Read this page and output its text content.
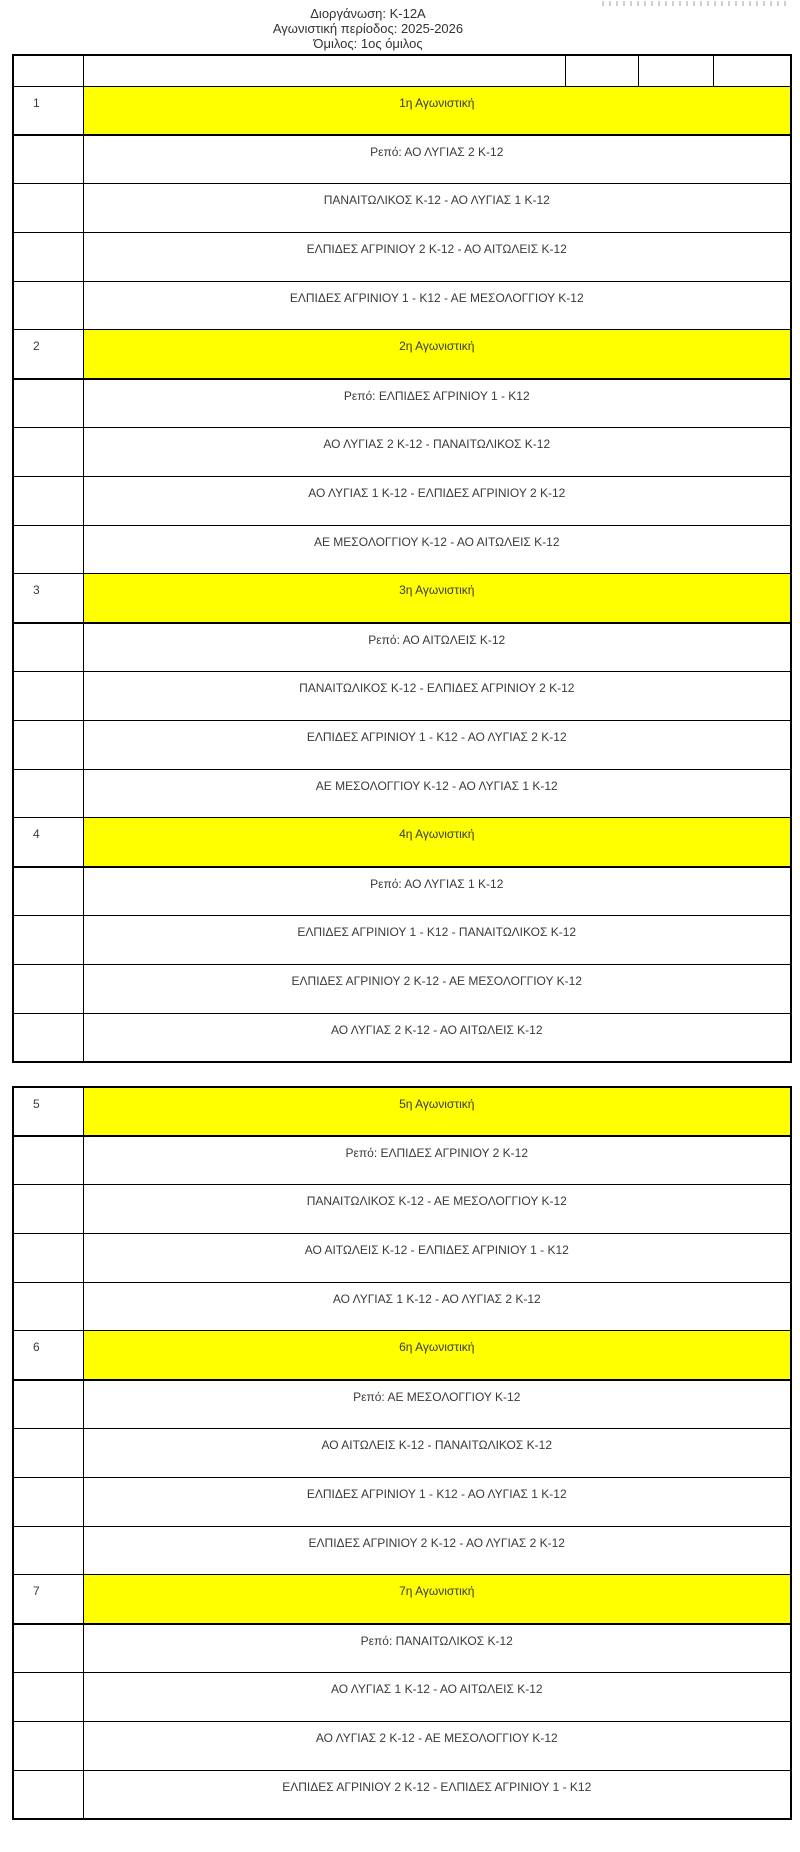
Διοργάνωση: Κ-12Α
Αγωνιστική περίοδος: 2025-2026
Όμιλος: 1ος όμιλος

1	1η Αγωνιστική			
	Ρεπό: ΑΟ ΛΥΓΙΑΣ 2 Κ-12			
	ΠΑΝΑΙΤΩΛΙΚΟΣ Κ-12 - ΑΟ ΛΥΓΙΑΣ 1 Κ-12			
	ΕΛΠΙΔΕΣ ΑΓΡΙΝΙΟΥ 2 Κ-12 - ΑΟ ΑΙΤΩΛΕΙΣ Κ-12			
	ΕΛΠΙΔΕΣ ΑΓΡΙΝΙΟΥ 1 - Κ12 - ΑΕ ΜΕΣΟΛΟΓΓΙΟΥ Κ-12			
2	2η Αγωνιστική			
	Ρεπό: ΕΛΠΙΔΕΣ ΑΓΡΙΝΙΟΥ 1 - Κ12			
	ΑΟ ΛΥΓΙΑΣ 2 Κ-12 - ΠΑΝΑΙΤΩΛΙΚΟΣ Κ-12			
	ΑΟ ΛΥΓΙΑΣ 1 Κ-12 - ΕΛΠΙΔΕΣ ΑΓΡΙΝΙΟΥ 2 Κ-12			
	ΑΕ ΜΕΣΟΛΟΓΓΙΟΥ Κ-12 - ΑΟ ΑΙΤΩΛΕΙΣ Κ-12			
3	3η Αγωνιστική			
	Ρεπό: ΑΟ ΑΙΤΩΛΕΙΣ Κ-12			
	ΠΑΝΑΙΤΩΛΙΚΟΣ Κ-12 - ΕΛΠΙΔΕΣ ΑΓΡΙΝΙΟΥ 2 Κ-12			
	ΕΛΠΙΔΕΣ ΑΓΡΙΝΙΟΥ 1 - Κ12 - ΑΟ ΛΥΓΙΑΣ 2 Κ-12			
	ΑΕ ΜΕΣΟΛΟΓΓΙΟΥ Κ-12 - ΑΟ ΛΥΓΙΑΣ 1 Κ-12			
4	4η Αγωνιστική			
	Ρεπό: ΑΟ ΛΥΓΙΑΣ 1 Κ-12			
	ΕΛΠΙΔΕΣ ΑΓΡΙΝΙΟΥ 1 - Κ12 - ΠΑΝΑΙΤΩΛΙΚΟΣ Κ-12			
	ΕΛΠΙΔΕΣ ΑΓΡΙΝΙΟΥ 2 Κ-12 - ΑΕ ΜΕΣΟΛΟΓΓΙΟΥ Κ-12			
	ΑΟ ΛΥΓΙΑΣ 2 Κ-12 - ΑΟ ΑΙΤΩΛΕΙΣ Κ-12			
5	5η Αγωνιστική
	Ρεπό: ΕΛΠΙΔΕΣ ΑΓΡΙΝΙΟΥ 2 Κ-12
	ΠΑΝΑΙΤΩΛΙΚΟΣ Κ-12 - ΑΕ ΜΕΣΟΛΟΓΓΙΟΥ Κ-12
	ΑΟ ΑΙΤΩΛΕΙΣ Κ-12 - ΕΛΠΙΔΕΣ ΑΓΡΙΝΙΟΥ 1 - Κ12
	ΑΟ ΛΥΓΙΑΣ 1 Κ-12 - ΑΟ ΛΥΓΙΑΣ 2 Κ-12
6	6η Αγωνιστική
	Ρεπό: ΑΕ ΜΕΣΟΛΟΓΓΙΟΥ Κ-12
	ΑΟ ΑΙΤΩΛΕΙΣ Κ-12 - ΠΑΝΑΙΤΩΛΙΚΟΣ Κ-12
	ΕΛΠΙΔΕΣ ΑΓΡΙΝΙΟΥ 1 - Κ12 - ΑΟ ΛΥΓΙΑΣ 1 Κ-12
	ΕΛΠΙΔΕΣ ΑΓΡΙΝΙΟΥ 2 Κ-12 - ΑΟ ΛΥΓΙΑΣ 2 Κ-12
7	7η Αγωνιστική
	Ρεπό: ΠΑΝΑΙΤΩΛΙΚΟΣ Κ-12
	ΑΟ ΛΥΓΙΑΣ 1 Κ-12 - ΑΟ ΑΙΤΩΛΕΙΣ Κ-12
	ΑΟ ΛΥΓΙΑΣ 2 Κ-12 - ΑΕ ΜΕΣΟΛΟΓΓΙΟΥ Κ-12
	ΕΛΠΙΔΕΣ ΑΓΡΙΝΙΟΥ 2 Κ-12 - ΕΛΠΙΔΕΣ ΑΓΡΙΝΙΟΥ 1 - Κ12
